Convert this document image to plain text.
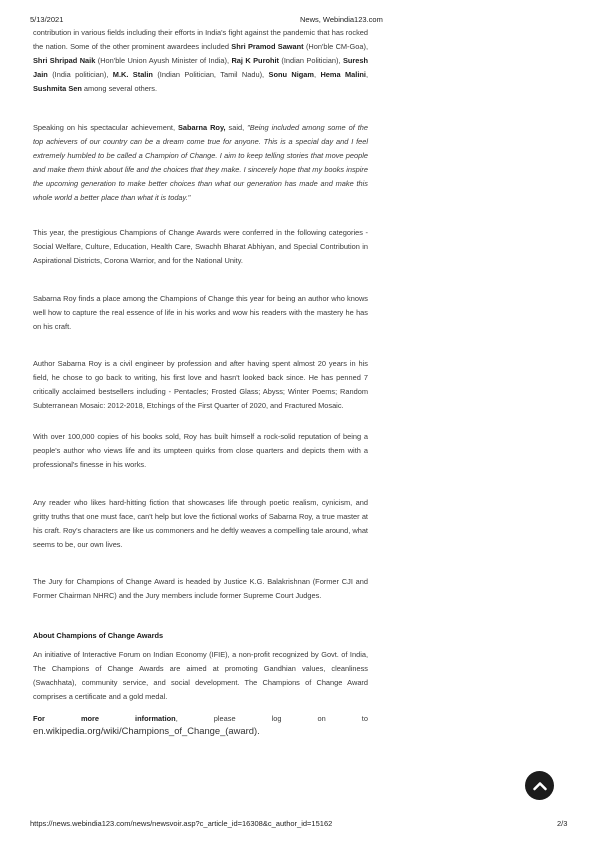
5/13/2021	News, Webindia123.com

contribution in various fields including their efforts in India's fight against the pandemic that has rocked the nation. Some of the other prominent awardees included Shri Pramod Sawant (Hon'ble CM-Goa), Shri Shripad Naik (Hon'ble Union Ayush Minister of India), Raj K Purohit (Indian Politician), Suresh Jain (India politician), M.K. Stalin (Indian Politician, Tamil Nadu), Sonu Nigam, Hema Malini, Sushmita Sen among several others.

Speaking on his spectacular achievement, Sabarna Roy, said, "Being included among some of the top achievers of our country can be a dream come true for anyone. This is a special day and I feel extremely humbled to be called a Champion of Change. I aim to keep telling stories that move people and make them think about life and the choices that they make. I sincerely hope that my books inspire the upcoming generation to make better choices than what our generation has made and make this whole world a better place than what it is today."

This year, the prestigious Champions of Change Awards were conferred in the following categories - Social Welfare, Culture, Education, Health Care, Swachh Bharat Abhiyan, and Special Contribution in Aspirational Districts, Corona Warrior, and for the National Unity.

Sabarna Roy finds a place among the Champions of Change this year for being an author who knows well how to capture the real essence of life in his works and wow his readers with the mastery he has on his craft.

Author Sabarna Roy is a civil engineer by profession and after having spent almost 20 years in his field, he chose to go back to writing, his first love and hasn't looked back since. He has penned 7 critically acclaimed bestsellers including - Pentacles; Frosted Glass; Abyss; Winter Poems; Random Subterranean Mosaic: 2012-2018, Etchings of the First Quarter of 2020, and Fractured Mosaic.

With over 100,000 copies of his books sold, Roy has built himself a rock-solid reputation of being a people's author who views life and its umpteen quirks from close quarters and depicts them with a professional's finesse in his works.

Any reader who likes hard-hitting fiction that showcases life through poetic realism, cynicism, and gritty truths that one must face, can't help but love the fictional works of Sabarna Roy, a true master at his craft. Roy's characters are like us commoners and he deftly weaves a compelling tale around, what seems to be, our own lives.

The Jury for Champions of Change Award is headed by Justice K.G. Balakrishnan (Former CJI and Former Chairman NHRC) and the Jury members include former Supreme Court Judges.

About Champions of Change Awards

An initiative of Interactive Forum on Indian Economy (IFIE), a non-profit recognized by Govt. of India, The Champions of Change Awards are aimed at promoting Gandhian values, cleanliness (Swachhata), community service, and social development. The Champions of Change Award comprises a certificate and a gold medal.

For	more	information,	please	log	on	to
en.wikipedia.org/wiki/Champions_of_Change_(award).
https://news.webindia123.com/news/newsvoir.asp?c_article_id=16308&c_author_id=15162	2/3
